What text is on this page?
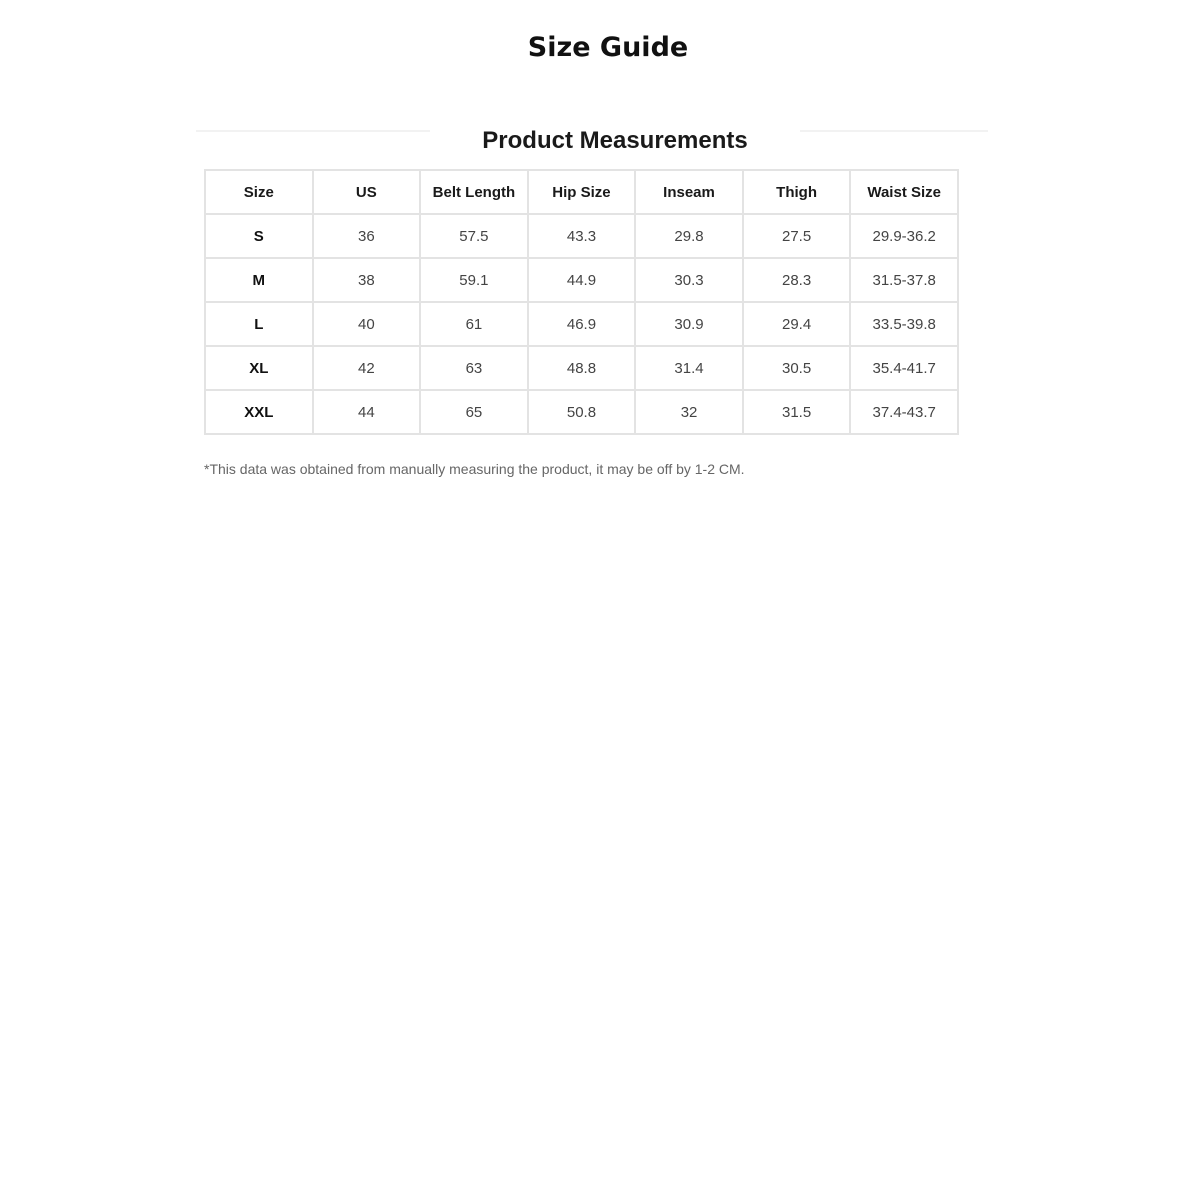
Size Guide
Product Measurements
Size	US	Belt Length	Hip Size	Inseam	Thigh	Waist Size
S	36	57.5	43.3	29.8	27.5	29.9-36.2
M	38	59.1	44.9	30.3	28.3	31.5-37.8
L	40	61	46.9	30.9	29.4	33.5-39.8
XL	42	63	48.8	31.4	30.5	35.4-41.7
XXL	44	65	50.8	32	31.5	37.4-43.7

*This data was obtained from manually measuring the product, it may be off by 1-2 CM.
